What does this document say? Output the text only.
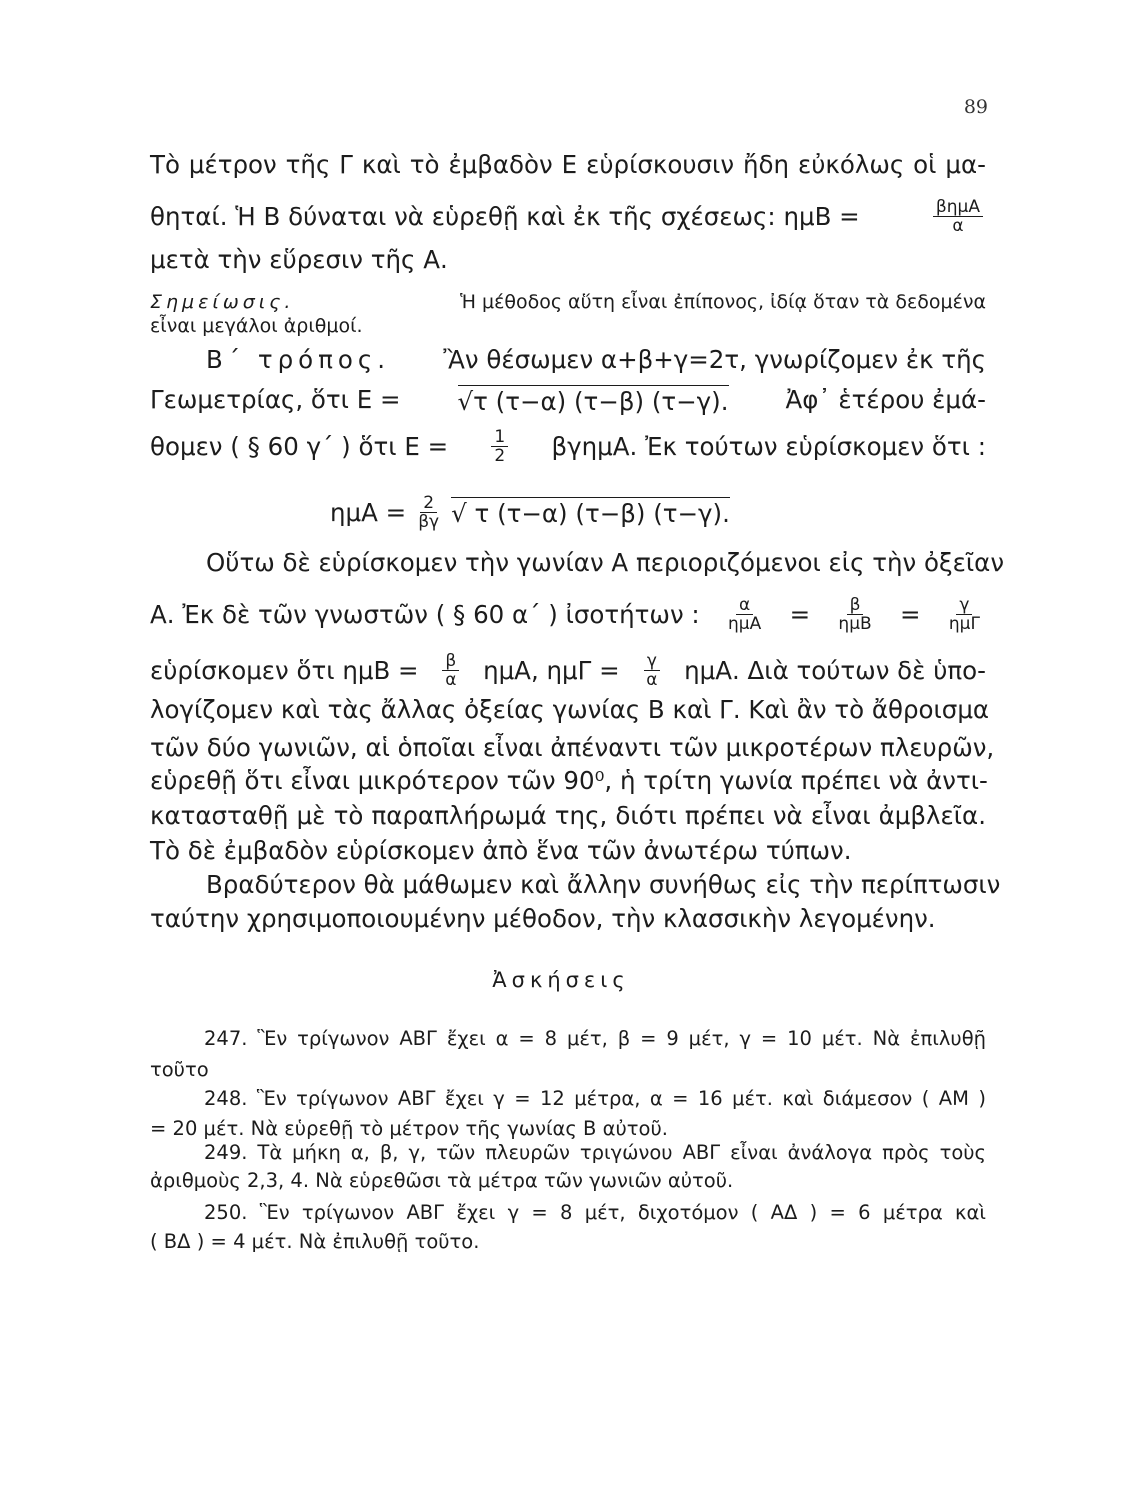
89
Τὸ μέτρον τῆς Γ καὶ τὸ ἐμβαδὸν Ε εὑρίσκουσιν ἤδη εὐκόλως οἱ μα-
θηταί. Ἡ Β δύναται νὰ εὑρεθῇ καὶ ἐκ τῆς σχέσεως: ημΒ =	$\frac{\text{βημΑ}}{\alpha}$
μετὰ τὴν εὕρεσιν τῆς Α.
Σημείωσις.	Ἡ μέθοδος αὕτη εἶναι ἐπίπονος, ἰδίᾳ ὅταν τὰ δεδομένα
εἶναι μεγάλοι ἀριθμοί.
Β΄ τρόπος. Ἂν θέσωμεν α+β+γ=2τ, γνωρίζομεν ἐκ τῆς
Γεωμετρίας, ὅτι Ε = √τ (τ−α) (τ−β) (τ−γ). Ἀφ᾽ ἑτέρου ἐμά-
θομεν ( § 60 γ΄ ) ὅτι Ε =	$\frac{1}{2} \beta\gamma\eta\mu A$. Ἐκ τούτων εὑρίσκομεν ὅτι :
$\eta\mu A = \frac{2}{\beta\gamma}$ √ τ (τ−α) (τ−β) (τ−γ).
Οὕτω δὲ εὑρίσκομεν τὴν γωνίαν Α περιοριζόμενοι εἰς τὴν ὀξεῖαν
Α. Ἐκ δὲ τῶν γνωστῶν ( § 60 α΄ ) ἰσοτήτων : $\frac{\alpha}{\text{ημΑ}} = \frac{\beta}{\text{ημΒ}} = \frac{\gamma}{\text{ημΓ}}$
εὑρίσκομεν ὅτι $\eta\mu B = \frac{\beta}{\alpha} \eta\mu A$, $\eta\mu\Gamma = \frac{\gamma}{\alpha} \eta\mu A$. Διὰ τούτων δὲ ὑπο-
λογίζομεν καὶ τὰς ἄλλας ὀξείας γωνίας Β καὶ Γ. Καὶ ἂν τὸ ἄθροισμα
τῶν δύο γωνιῶν, αἱ ὁποῖαι εἶναι ἀπέναντι τῶν μικροτέρων πλευρῶν,
εὑρεθῇ ὅτι εἶναι μικρότερον τῶν 90⁰, ἡ τρίτη γωνία πρέπει νὰ ἀντι-
κατασταθῇ μὲ τὸ παραπλήρωμά της, διότι πρέπει νὰ εἶναι ἀμβλεῖα.
Τὸ δὲ ἐμβαδὸν εὑρίσκομεν ἀπὸ ἕνα τῶν ἀνωτέρω τύπων.
Βραδύτερον θὰ μάθωμεν καὶ ἄλλην συνήθως εἰς τὴν περίπτωσιν
ταύτην χρησιμοποιουμένην μέθοδον, τὴν κλασσικὴν λεγομένην.
Ἀσκήσεις
247. Ἓν τρίγωνον ΑΒΓ ἔχει α = 8 μέτ, β = 9 μέτ, γ = 10 μέτ. Νὰ ἐπιλυθῇ
τοῦτο
248. Ἓν τρίγωνον ΑΒΓ ἔχει γ = 12 μέτρα, α = 16 μέτ. καὶ διάμεσον ( ΑΜ )
= 20 μέτ. Νὰ εὑρεθῇ τὸ μέτρον τῆς γωνίας Β αὐτοῦ.
249. Τὰ μήκη α, β, γ, τῶν πλευρῶν τριγώνου ΑΒΓ εἶναι ἀνάλογα πρὸς τοὺς
ἀριθμοὺς 2,3, 4. Νὰ εὑρεθῶσι τὰ μέτρα τῶν γωνιῶν αὐτοῦ.
250. Ἓν τρίγωνον ΑΒΓ ἔχει γ = 8 μέτ, διχοτόμον ( ΑΔ ) = 6 μέτρα καὶ
( ΒΔ ) = 4 μέτ. Νὰ ἐπιλυθῇ τοῦτο.
